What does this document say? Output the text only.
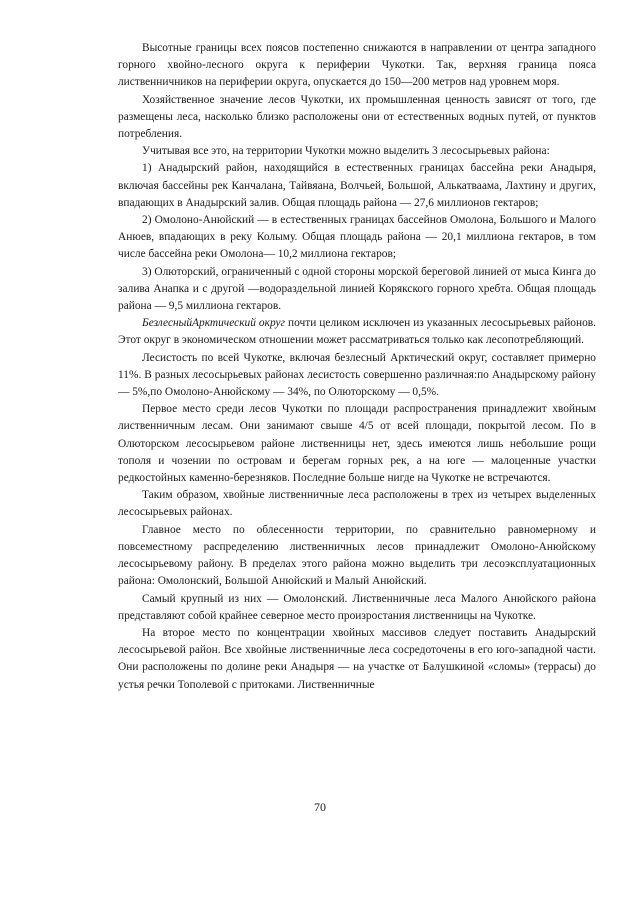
Высотные границы всех поясов постепенно снижаются в направлении от центра западного горного хвойно-лесного округа к периферии Чукотки. Так, верхняя граница пояса лиственничников на периферии округа, опускается до 150—200 метров над уровнем моря.

Хозяйственное значение лесов Чукотки, их промышленная ценность зависят от того, где размещены леса, насколько близко расположены они от естественных водных путей, от пунктов потребления.

Учитывая все это, на территории Чукотки можно выделить 3 лесосырьевых района:

1) Анадырский район, находящийся в естественных границах бассейна реки Анадыря, включая бассейны рек Канчалана, Тайвяана, Волчьей, Большой, Алькатваама, Лахтину и других, впадающих в Анадырский залив. Общая площадь района — 27,6 миллионов гектаров;

2) Омолоно-Анюйский — в естественных границах бассейнов Омолона, Большого и Малого Анюев, впадающих в реку Колыму. Общая площадь района — 20,1 миллиона гектаров, в том числе бассейна реки Омолона— 10,2 миллиона гектаров;

3) Олюторский, ограниченный с одной стороны морской береговой линией от мыса Кинга до залива Анапка и с другой —водораздельной линией Корякского горного хребта. Общая площадь района — 9,5 миллиона гектаров.

БезлесныйАрктический округ почти целиком исключен из указанных лесосырьевых районов. Этот округ в экономическом отношении может рассматриваться только как лесопотребляющий.

Лесистость по всей Чукотке, включая безлесный Арктический округ, составляет примерно 11%. В разных лесосырьевых районах лесистость совершенно различная:по Анадырскому району — 5%,по Омолоно-Анюйскому — 34%, по Олюторскому — 0,5%.

Первое место среди лесов Чукотки по площади распространения принадлежит хвойным лиственничным лесам. Они занимают свыше 4/5 от всей площади, покрытой лесом. По в Олюторском лесосырьевом районе лиственницы нет, здесь имеются лишь небольшие рощи тополя и чозении по островам и берегам горных рек, а на юге — малоценные участки редкостойных каменно-березняков. Последние больше нигде на Чукотке не встречаются.

Таким образом, хвойные лиственничные леса расположены в трех из четырех выделенных лесосырьевых районах.

Главное место по облесенности территории, по сравнительно равномерному и повсеместному распределению лиственничных лесов принадлежит Омолоно-Анюйскому лесосырьевому району. В пределах этого района можно выделить три лесоэксплуатационных района: Омолонский, Большой Анюйский и Малый Анюйский.

Самый крупный из них — Омолонский. Лиственничные леса Малого Анюйского района представляют собой крайнее северное место произростания лиственницы на Чукотке.

На второе место по концентрации хвойных массивов следует поставить Анадырский лесосырьевой район. Все хвойные лиственничные леса сосредоточены в его юго-западной части. Они расположены по долине реки Анадыря — на участке от Балушкиной «сломы» (террасы) до устья речки Тополевой с притоками. Лиственничные

70
